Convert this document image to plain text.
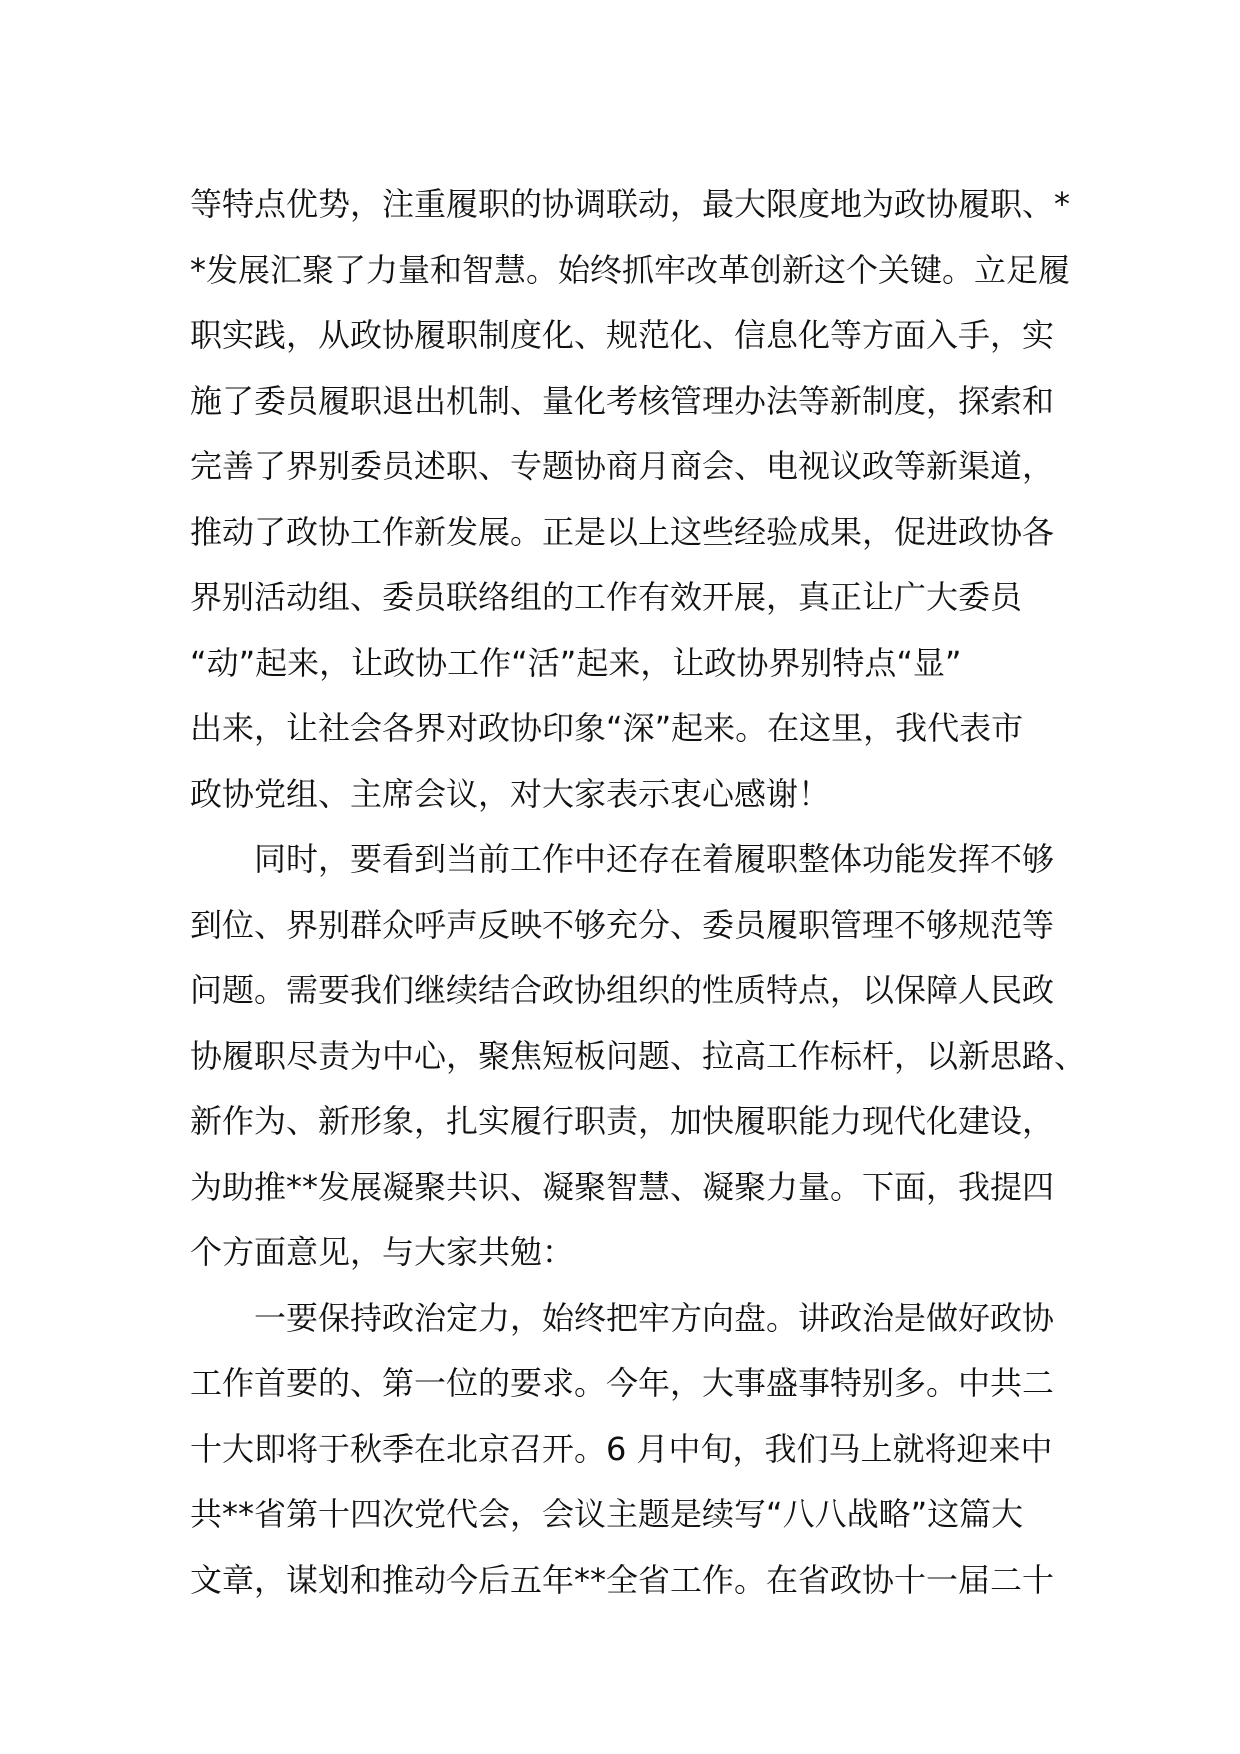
等特点优势，注重履职的协调联动，最大限度地为政协履职、*
*发展汇聚了力量和智慧。始终抓牢改革创新这个关键。立足履
职实践，从政协履职制度化、规范化、信息化等方面入手，实
施了委员履职退出机制、量化考核管理办法等新制度，探索和
完善了界别委员述职、专题协商月商会、电视议政等新渠道，
推动了政协工作新发展。正是以上这些经验成果，促进政协各
界别活动组、委员联络组的工作有效开展，真正让广大委员
“动”起来，让政协工作“活”起来，让政协界别特点“显”
出来，让社会各界对政协印象“深”起来。在这里，我代表市
政协党组、主席会议，对大家表示衷心感谢！
同时，要看到当前工作中还存在着履职整体功能发挥不够
到位、界别群众呼声反映不够充分、委员履职管理不够规范等
问题。需要我们继续结合政协组织的性质特点，以保障人民政
协履职尽责为中心，聚焦短板问题、拉高工作标杆，以新思路、
新作为、新形象，扎实履行职责，加快履职能力现代化建设，
为助推**发展凝聚共识、凝聚智慧、凝聚力量。下面，我提四
个方面意见，与大家共勉：
一要保持政治定力，始终把牢方向盘。讲政治是做好政协
工作首要的、第一位的要求。今年，大事盛事特别多。中共二
十大即将于秋季在北京召开。6 月中旬，我们马上就将迎来中
共**省第十四次党代会，会议主题是续写“八八战略”这篇大
文章，谋划和推动今后五年**全省工作。在省政协十一届二十
